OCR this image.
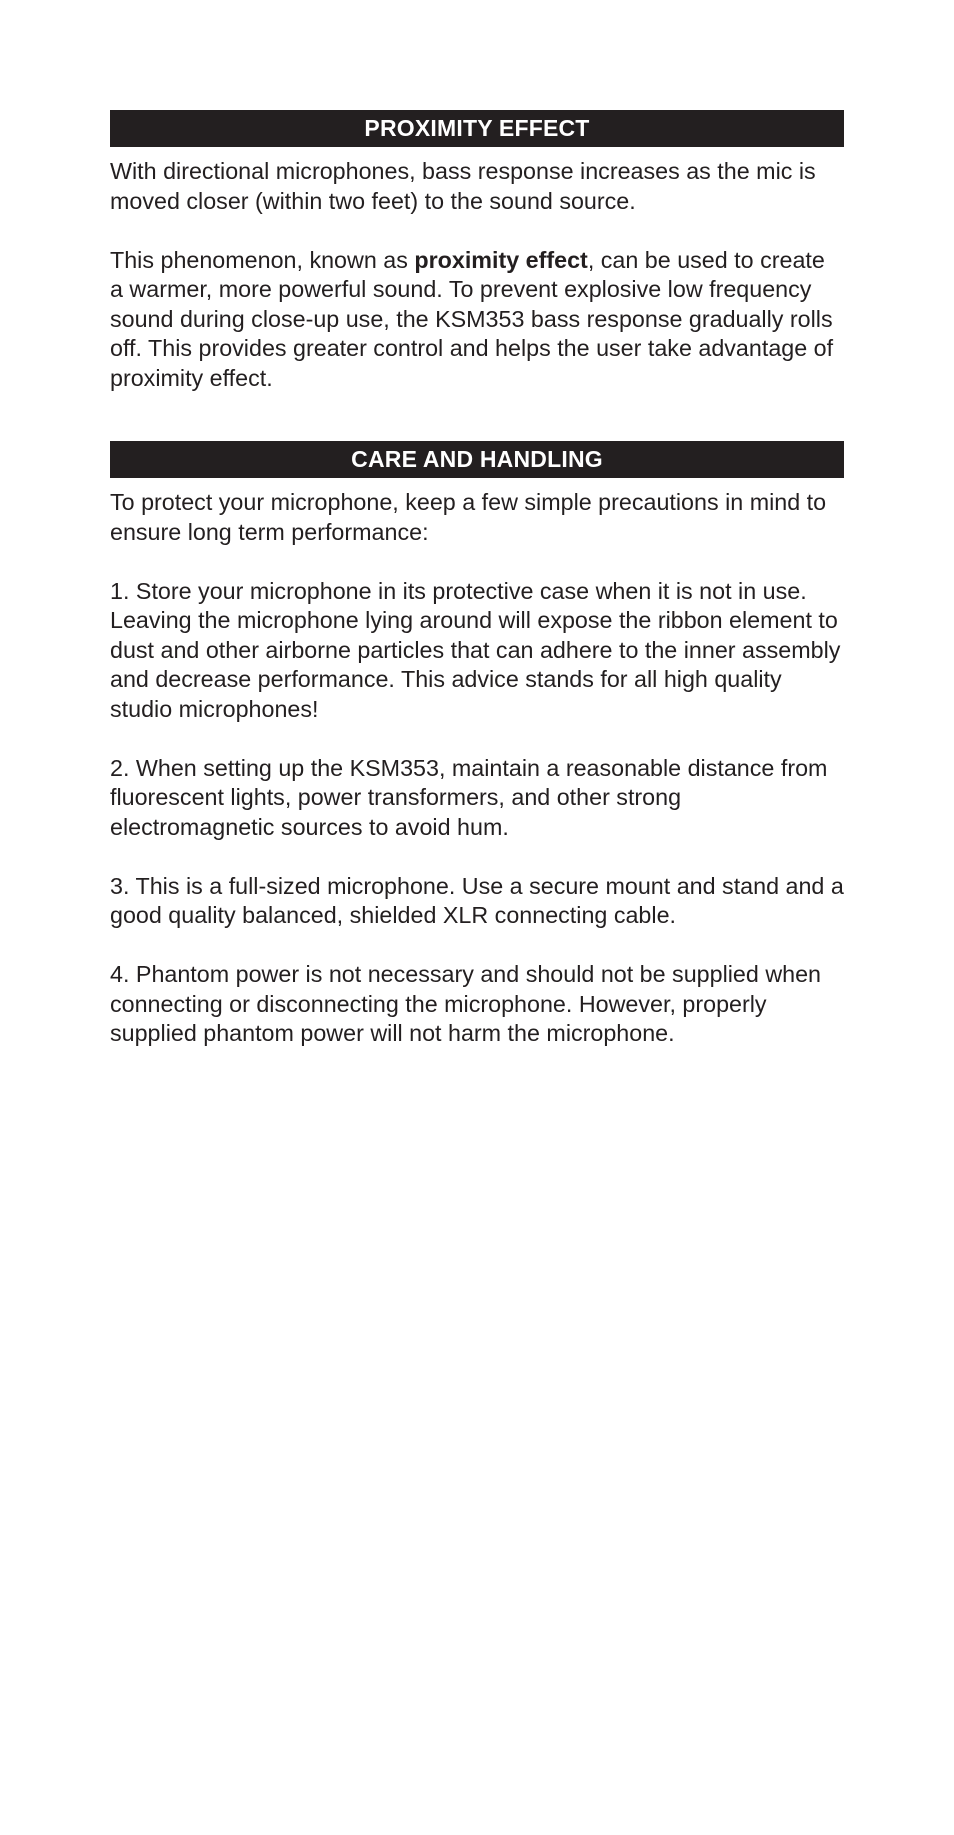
PROXIMITY EFFECT

With directional microphones, bass response increases as the mic is moved closer (within two feet) to the sound source.

This phenomenon, known as proximity effect, can be used to create a warmer, more powerful sound. To prevent explosive low frequency sound during close-up use, the KSM353 bass response gradually rolls off. This provides greater control and helps the user take advantage of proximity effect.

CARE AND HANDLING

To protect your microphone, keep a few simple precautions in mind to ensure long term performance:

1. Store your microphone in its protective case when it is not in use. Leaving the microphone lying around will expose the ribbon element to dust and other airborne particles that can adhere to the inner assembly and decrease performance. This advice stands for all high quality studio microphones!

2. When setting up the KSM353, maintain a reasonable distance from fluorescent lights, power transformers, and other strong electromagnetic sources to avoid hum.

3. This is a full-sized microphone. Use a secure mount and stand and a good quality balanced, shielded XLR connecting cable.

4. Phantom power is not necessary and should not be supplied when connecting or disconnecting the microphone. However, properly supplied phantom power will not harm the microphone.
